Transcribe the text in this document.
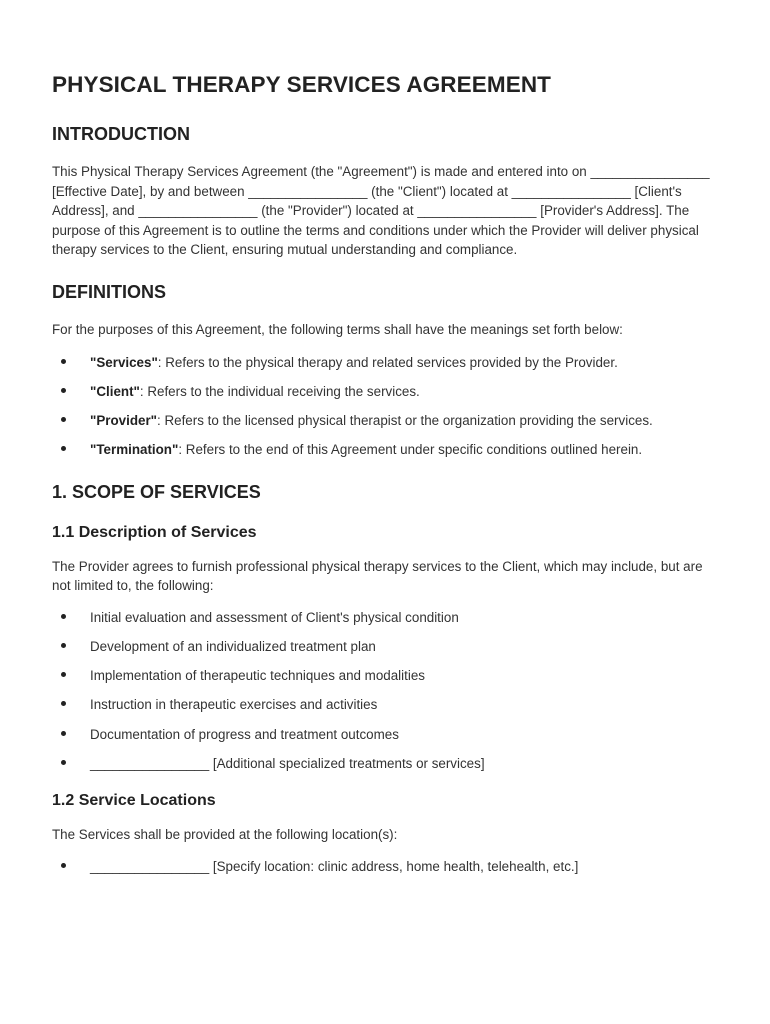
PHYSICAL THERAPY SERVICES AGREEMENT
INTRODUCTION

This Physical Therapy Services Agreement (the "Agreement") is made and entered into on ________________ [Effective Date], by and between ________________ (the "Client") located at ________________ [Client's Address], and ________________ (the "Provider") located at ________________ [Provider's Address]. The purpose of this Agreement is to outline the terms and conditions under which the Provider will deliver physical therapy services to the Client, ensuring mutual understanding and compliance.

DEFINITIONS

For the purposes of this Agreement, the following terms shall have the meanings set forth below:

"Services": Refers to the physical therapy and related services provided by the Provider.
"Client": Refers to the individual receiving the services.
"Provider": Refers to the licensed physical therapist or the organization providing the services.
"Termination": Refers to the end of this Agreement under specific conditions outlined herein.
1. SCOPE OF SERVICES
1.1 Description of Services

The Provider agrees to furnish professional physical therapy services to the Client, which may include, but are not limited to, the following:

Initial evaluation and assessment of Client's physical condition
Development of an individualized treatment plan
Implementation of therapeutic techniques and modalities
Instruction in therapeutic exercises and activities
Documentation of progress and treatment outcomes
________________ [Additional specialized treatments or services]
1.2 Service Locations

The Services shall be provided at the following location(s):

________________ [Specify location: clinic address, home health, telehealth, etc.]
